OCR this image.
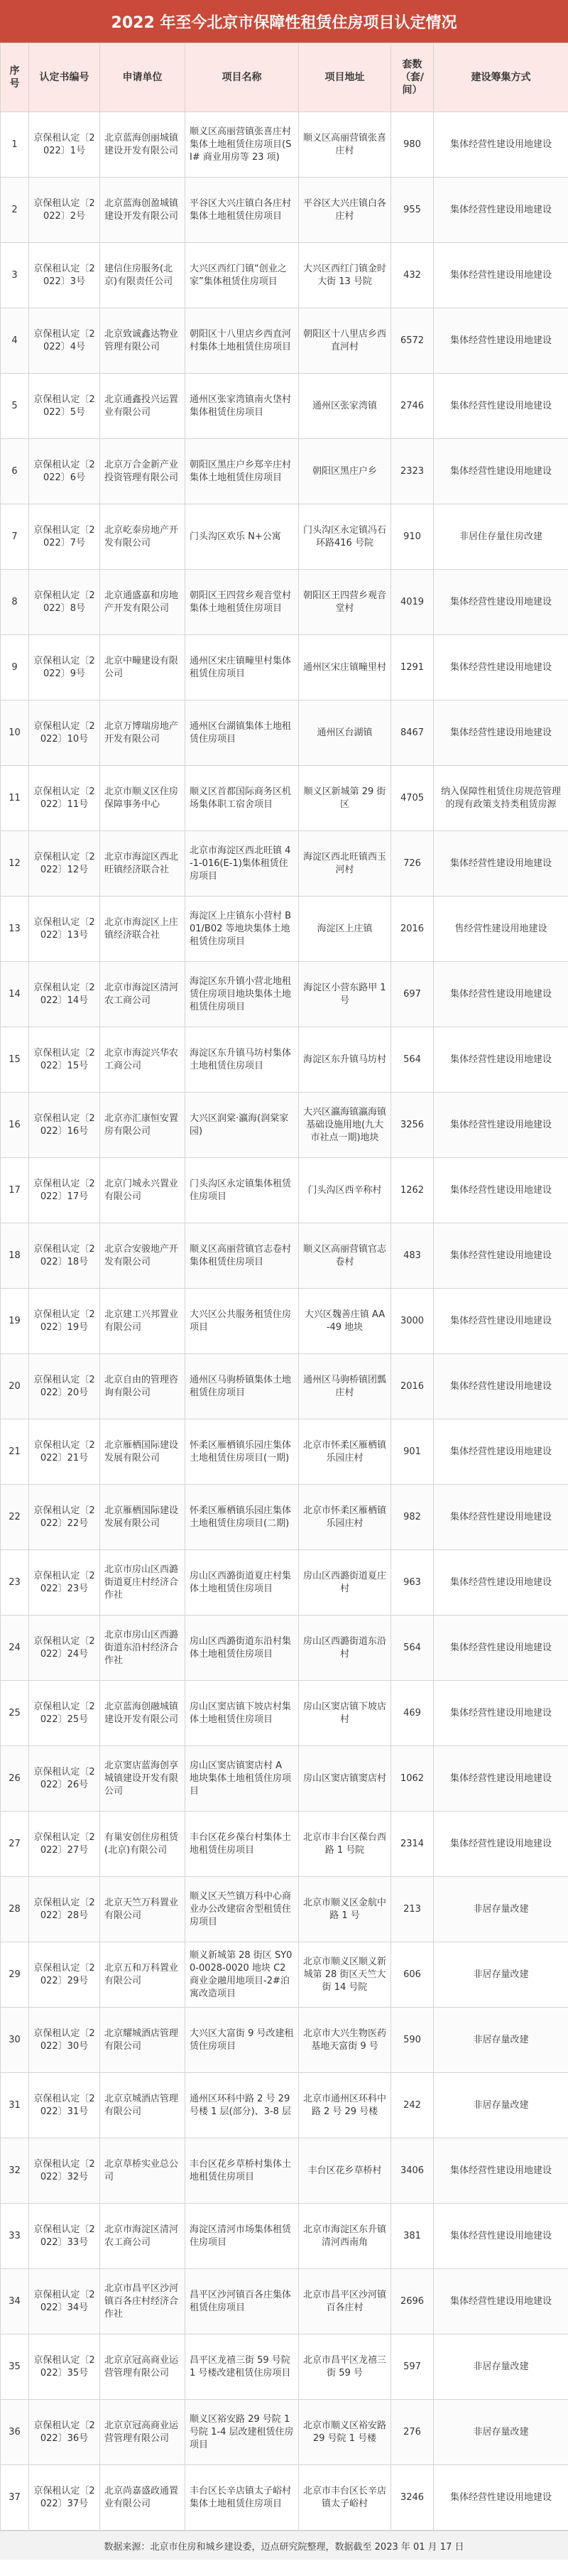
2022 年至今北京市保障性租赁住房项目认定情况
序号	认定书编号	申请单位	项目名称	项目地址	套数（套/间）	建设筹集方式
1	京保租认定〔2022〕1号	北京蓝海创丽城镇建设开发有限公司	顺义区高丽营镇张喜庄村集体土地租赁住房项目(SI# 商业用房等 23 项)	顺义区高丽营镇张喜庄村	980	集体经营性建设用地建设
2	京保租认定〔2022〕2号	北京蓝海创盈城镇建设开发有限公司	平谷区大兴庄镇白各庄村集体土地租赁住房项目	平谷区大兴庄镇白各庄村	955	集体经营性建设用地建设
3	京保租认定〔2022〕3号	建信住房服务(北京)有限责任公司	大兴区西红门镇“创业之家”集体租赁住房项目	大兴区西红门镇金时大街 13 号院	432	集体经营性建设用地建设
4	京保租认定〔2022〕4号	北京致诚鑫达物业管理有限公司	朝阳区十八里店乡西直河村集体土地租赁住房项目	朝阳区十八里店乡西直河村	6572	集体经营性建设用地建设
5	京保租认定〔2022〕5号	北京通鑫投兴运置业有限公司	通州区张家湾镇南火垡村集体租赁住房项目	通州区张家湾镇	2746	集体经营性建设用地建设
6	京保租认定〔2022〕6号	北京万合金新产业投资管理有限公司	朝阳区黑庄户乡郑辛庄村集体土地租赁住房项目	朝阳区黑庄户乡	2323	集体经营性建设用地建设
7	京保租认定〔2022〕7号	北京屹泰房地产开发有限公司	门头沟区欢乐 N+公寓	门头沟区永定镇冯石环路416 号院	910	非居住存量住房改建
8	京保租认定〔2022〕8号	北京通盛嘉和房地产开发有限公司	朝阳区王四营乡观音堂村集体土地租赁住房项目	朝阳区王四营乡观音堂村	4019	集体经营性建设用地建设
9	京保租认定〔2022〕9号	北京中疃建设有限公司	通州区宋庄镇疃里村集体租赁住房项目	通州区宋庄镇疃里村	1291	集体经营性建设用地建设
10	京保租认定〔2022〕10号	北京万博瑞房地产开发有限公司	通州区台湖镇集体土地租赁住房项目	通州区台湖镇	8467	集体经营性建设用地建设
11	京保租认定〔2022〕11号	北京市顺义区住房保障事务中心	顺义区首都国际商务区机场集体职工宿舍项目	顺义区新城第 29 街区	4705	纳入保障性租赁住房规范管理的现有政策支持类租赁房源
12	京保租认定〔2022〕12号	北京市海淀区西北旺镇经济联合社	北京市海淀区西北旺镇 4-1-016(E-1)集体租赁住房项目	海淀区西北旺镇西玉河村	726	集体经营性建设用地建设
13	京保租认定〔2022〕13号	北京市海淀区上庄镇经济联合社	海淀区上庄镇东小营村 B01/B02 等地块集体土地租赁住房项目	海淀区上庄镇	2016	售经营性建设用地建设
14	京保租认定〔2022〕14号	北京市海淀区清河农工商公司	海淀区东升镇小营北地租赁住房项目地块集体土地租赁住房项目	海淀区小营东路甲 1 号	697	集体经营性建设用地建设
15	京保租认定〔2022〕15号	北京市海淀兴华农工商公司	海淀区东升镇马坊村集体土地租赁住房项目	海淀区东升镇马坊村	564	集体经营性建设用地建设
16	京保租认定〔2022〕16号	北京亦汇康恒安置房有限公司	大兴区润棠·瀛海(润棠家园)	大兴区瀛海镇瀛海镇基础设施用地(九大市社点一期)地块	3256	集体经营性建设用地建设
17	京保租认定〔2022〕17号	北京门城永兴置业有限公司	门头沟区永定镇集体租赁住房项目	门头沟区西辛称村	1262	集体经营性建设用地建设
18	京保租认定〔2022〕18号	北京合安骏地产开发有限公司	顺义区高丽营镇官志卷村集体租赁住房项目	顺义区高丽营镇官志卷村	483	集体经营性建设用地建设
19	京保租认定〔2022〕19号	北京建工兴邦置业有限公司	大兴区公共服务租赁住房项目	大兴区魏善庄镇 AA-49 地块	3000	集体经营性建设用地建设
20	京保租认定〔2022〕20号	北京自由的管理咨询有限公司	通州区马驹桥镇集体土地租赁住房项目	通州区马驹桥镇团瓢庄村	2016	集体经营性建设用地建设
21	京保租认定〔2022〕21号	北京雁栖国际建设发展有限公司	怀柔区雁栖镇乐园庄集体土地租赁住房项目(一期)	北京市怀柔区雁栖镇乐园庄村	901	集体经营性建设用地建设
22	京保租认定〔2022〕22号	北京雁栖国际建设发展有限公司	怀柔区雁栖镇乐园庄集体土地租赁住房项目(二期)	北京市怀柔区雁栖镇乐园庄村	982	集体经营性建设用地建设
23	京保租认定〔2022〕23号	北京市房山区西潞街道夏庄村经济合作社	房山区西潞街道夏庄村集体土地租赁住房项目	房山区西潞街道夏庄村	963	集体经营性建设用地建设
24	京保租认定〔2022〕24号	北京市房山区西潞街道东沿村经济合作社	房山区西潞街道东沿村集体土地租赁住房项目	房山区西潞街道东沿村	564	集体经营性建设用地建设
25	京保租认定〔2022〕25号	北京蓝海创融城镇建设开发有限公司	房山区窦店镇下坡店村集体土地租赁住房项目	房山区窦店镇下坡店村	469	集体经营性建设用地建设
26	京保租认定〔2022〕26号	北京窦店蓝海创享城镇建设开发有限公司	房山区窦店镇窦店村 A 地块集体土地租赁住房项目	房山区窦店镇窦店村	1062	集体经营性建设用地建设
27	京保租认定〔2022〕27号	有巢安创住房租赁(北京)有限公司	丰台区花乡葆台村集体土地租赁住房项目	北京市丰台区葆台西路 1 号院	2314	集体经营性建设用地建设
28	京保租认定〔2022〕28号	北京天竺万科置业有限公司	顺义区天竺镇万科中心商业办公改建宿舍型租赁住房项目	北京市顺义区金航中路 1 号	213	非居存量改建
29	京保租认定〔2022〕29号	北京五和万科置业有限公司	顺义新城第 28 街区 SY00-0028-0020 地块 C2 商业金融用地项目-2#泊寓改造项目	北京市顺义区顺义新城第 28 街区天竺大街 14 号院	606	非居存量改建
30	京保租认定〔2022〕30号	北京耀城酒店管理有限公司	大兴区大富街 9 号改建租赁住房项目	北京市大兴生物医药基地天富街 9 号	590	非居存量改建
31	京保租认定〔2022〕31号	北京京城酒店管理有限公司	通州区环科中路 2 号 29 号楼 1 层(部分)、3-8 层	北京市通州区环科中路 2 号 29 号楼	242	非居存量改建
32	京保租认定〔2022〕32号	北京草桥实业总公司	丰台区花乡草桥村集体土地租赁住房项目	丰台区花乡草桥村	3406	集体经营性建设用地建设
33	京保租认定〔2022〕33号	北京市海淀区清河农工商公司	海淀区清河市场集体租赁住房项目	北京市海淀区东升镇清河西南角	381	集体经营性建设用地建设
34	京保租认定〔2022〕34号	北京市昌平区沙河镇百各庄村经济合作社	昌平区沙河镇百各庄集体租赁住房项目	北京市昌平区沙河镇百各庄村	2696	集体经营性建设用地建设
35	京保租认定〔2022〕35号	北京京冠高商业运营管理有限公司	昌平区龙禧三街 59 号院 1 号楼改建租赁住房项目	北京市昌平区龙禧三街 59 号	597	非居存量改建
36	京保租认定〔2022〕36号	北京京冠高商业运营管理有限公司	顺义区裕安路 29 号院 1 号院 1-4 层改建租赁住房项目	北京市顺义区裕安路 29 号院 1 号楼	276	非居存量改建
37	京保租认定〔2022〕37号	北京尚嘉盛政通置业有限公司	丰台区长辛店镇太子峪村集体土地租赁住房项目	北京市丰台区长辛店镇太子峪村	3246	集体经营性建设用地建设
数据来源：北京市住房和城乡建设委，迈点研究院整理，数据截至 2023 年 01 月 17 日
